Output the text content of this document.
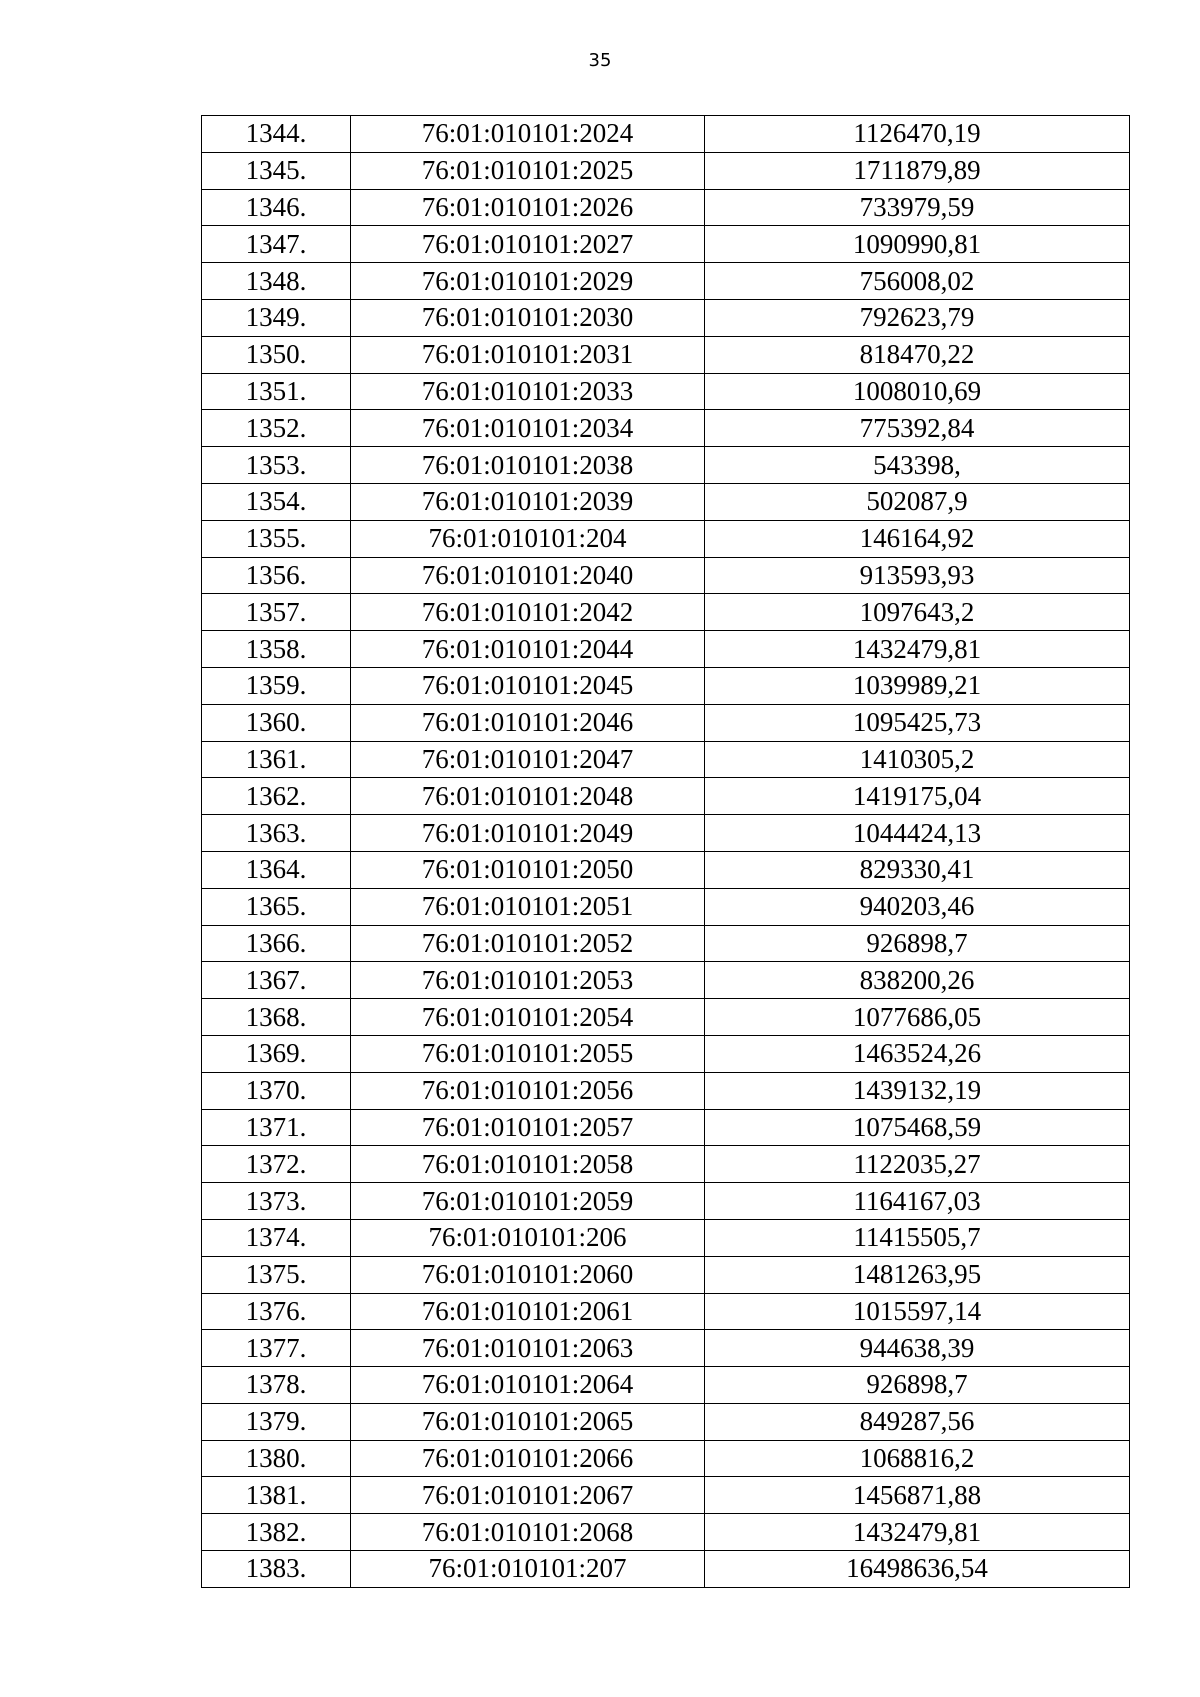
35
1344.	76:01:010101:2024	1126470,19
1345.	76:01:010101:2025	1711879,89
1346.	76:01:010101:2026	733979,59
1347.	76:01:010101:2027	1090990,81
1348.	76:01:010101:2029	756008,02
1349.	76:01:010101:2030	792623,79
1350.	76:01:010101:2031	818470,22
1351.	76:01:010101:2033	1008010,69
1352.	76:01:010101:2034	775392,84
1353.	76:01:010101:2038	543398,
1354.	76:01:010101:2039	502087,9
1355.	76:01:010101:204	146164,92
1356.	76:01:010101:2040	913593,93
1357.	76:01:010101:2042	1097643,2
1358.	76:01:010101:2044	1432479,81
1359.	76:01:010101:2045	1039989,21
1360.	76:01:010101:2046	1095425,73
1361.	76:01:010101:2047	1410305,2
1362.	76:01:010101:2048	1419175,04
1363.	76:01:010101:2049	1044424,13
1364.	76:01:010101:2050	829330,41
1365.	76:01:010101:2051	940203,46
1366.	76:01:010101:2052	926898,7
1367.	76:01:010101:2053	838200,26
1368.	76:01:010101:2054	1077686,05
1369.	76:01:010101:2055	1463524,26
1370.	76:01:010101:2056	1439132,19
1371.	76:01:010101:2057	1075468,59
1372.	76:01:010101:2058	1122035,27
1373.	76:01:010101:2059	1164167,03
1374.	76:01:010101:206	11415505,7
1375.	76:01:010101:2060	1481263,95
1376.	76:01:010101:2061	1015597,14
1377.	76:01:010101:2063	944638,39
1378.	76:01:010101:2064	926898,7
1379.	76:01:010101:2065	849287,56
1380.	76:01:010101:2066	1068816,2
1381.	76:01:010101:2067	1456871,88
1382.	76:01:010101:2068	1432479,81
1383.	76:01:010101:207	16498636,54
